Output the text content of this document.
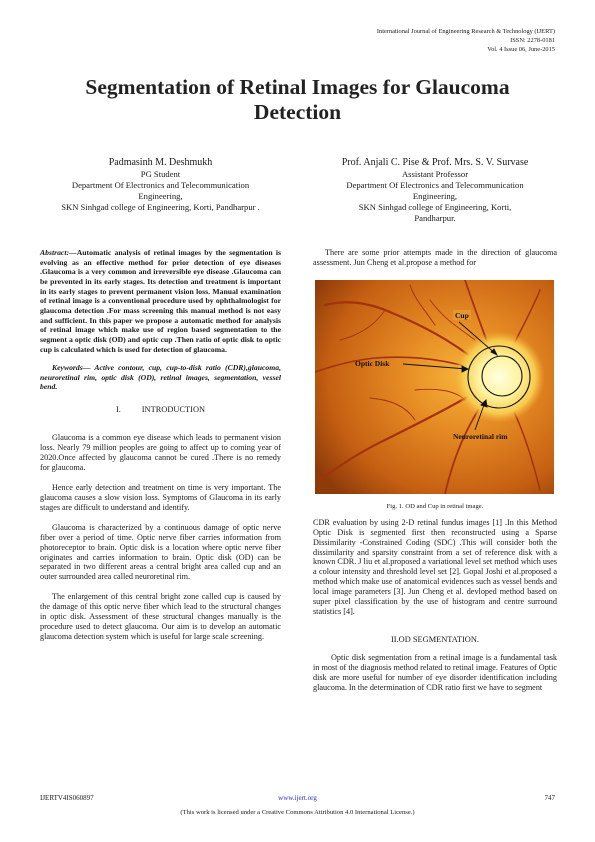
International Journal of Engineering Research & Technology (IJERT)
ISSN: 2278-0181
Vol. 4 Issue 06, June-2015
Segmentation of Retinal Images for Glaucoma
Detection
Padmasinh M. Deshmukh
PG Student
Department Of Electronics and Telecommunication
Engineering,
SKN Sinhgad college of Engineering, Korti, Pandharpur .
Prof. Anjali C. Pise & Prof. Mrs. S. V. Survase
Assistant Professor
Department Of Electronics and Telecommunication
Engineering,
SKN Sinhgad college of Engineering, Korti,
Pandharpur.

Abstract:—Automatic analysis of retinal images by the segmentation is evolving as an effective method for prior detection of eye diseases .Glaucoma is a very common and irreversible eye disease .Glaucoma can be prevented in its early stages. Its detection and treatment is important in its early stages to prevent permanent vision loss. Manual examination of retinal image is a conventional procedure used by ophthalmologist for glaucoma detection .For mass screening this manual method is not easy and sufficient. In this paper we propose a automatic method for analysis of retinal image which make use of region based segmentation to the segment a optic disk (OD) and optic cup .Then ratio of optic disk to optic cup is calculated which is used for detection of glaucoma.

Keywords— Active contour, cup, cup-to-disk ratio (CDR),glaucoma, neuroretinal rim, optic disk (OD), retinal images, segmentation, vessel bend.

I.          INTRODUCTION

Glaucoma is a common eye disease which leads to permanent vision loss. Nearly 79 million peoples are going to affect up to coming year of 2020.Once affected by glaucoma cannot be cured .There is no remedy for glaucoma.

Hence early detection and treatment on time is very important. The glaucoma causes a slow vision loss. Symptoms of Glaucoma in its early stages are difficult to understand and identify.

Glaucoma is characterized by a continuous damage of optic nerve fiber over a period of time. Optic nerve fiber carries information from photoreceptor to brain. Optic disk is a location where optic nerve fiber originates and carries information to brain. Optic disk (OD) can be separated in two different areas a central bright area called cup and an outer surrounded area called neuroretinal rim.

The enlargement of this central bright zone called cup is caused by the damage of this optic nerve fiber which lead to the structural changes in optic disk. Assessment of these structural changes manually is the procedure used to detect glaucoma. Our aim is to develop an automatic glaucoma detection system which is useful for large scale screening.

There are some prior attempts made in the direction of glaucoma assessment. Jun Cheng et al.propose a method for

Cup
Optic Disk
Neuroretinal rim
Fig. 1. OD and Cup in retinal image.

CDR evaluation by using 2-D retinal fundus images [1] .In this Method Optic Disk is segmented first then reconstructed using a Sparse Dissimilarity -Constrained Coding (SDC) .This will consider both the dissimilarity and sparsity constraint from a set of reference disk with a known CDR. J liu et al.proposed a variational level set method which uses a colour intensity and threshold level set [2]. Gopal Joshi et al.proposed a method which make use of anatomical evidences such as vessel bends and local image parameters [3]. Jun Cheng et al. devloped method based on super pixel classification by the use of histogram and centre surround statistics [4].

II.OD SEGMENTATION.

Optic disk segmentation from a retinal image is a fundamental task in most of the diagnosis method related to retinal image. Features of Optic disk are more useful for number of eye disorder identification including glaucoma. In the determination of CDR ratio first we have to segment

IJERTV4IS060897	www.ijert.org	747
(This work is licensed under a Creative Commons Attribution 4.0 International License.)
